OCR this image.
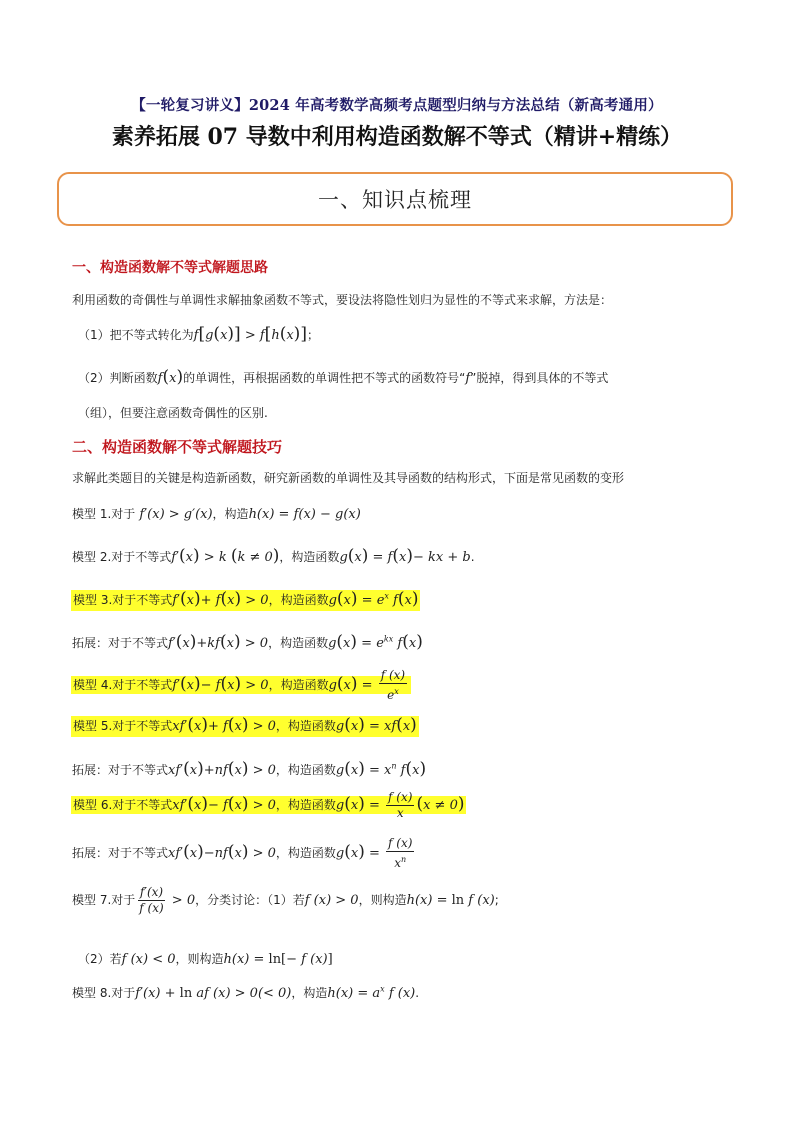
【一轮复习讲义】2024 年高考数学高频考点题型归纳与方法总结（新高考通用）
素养拓展 07 导数中利用构造函数解不等式（精讲+精练）
一、知识点梳理
一、构造函数解不等式解题思路
利用函数的奇偶性与单调性求解抽象函数不等式，要设法将隐性划归为显性的不等式来求解，方法是：
（1）把不等式转化为f[g(x)] > f[h(x)]；
（2）判断函数f(x)的单调性，再根据函数的单调性把不等式的函数符号“f”脱掉，得到具体的不等式
（组），但要注意函数奇偶性的区别.
二、构造函数解不等式解题技巧
求解此类题目的关键是构造新函数，研究新函数的单调性及其导函数的结构形式，下面是常见函数的变形
模型 1.对于 f′(x) > g′(x)，构造h(x) = f(x) − g(x)
模型 2.对于不等式f′(x) > k (k ≠ 0)，构造函数g(x) = f(x)− kx + b.
模型 3.对于不等式f′(x)+ f(x) > 0，构造函数$g(x) = e^x$ f(x)
拓展：对于不等式f′(x)+kf(x) > 0，构造函数$g(x) = e^{kx}$ f(x)
模型 4.对于不等式f′(x)− f(x) > 0，构造函数$g(x) = \frac{f (x)}{e^x}$
模型 5.对于不等式xf′(x)+ f(x) > 0，构造函数g(x) = xf(x)
拓展：对于不等式xf′(x)+nf(x) > 0，构造函数$g(x) = x^n$ f(x)
模型 6.对于不等式xf′(x)− f(x) > 0，构造函数$g(x) = \frac{f (x)}{x} (x \ne 0)$
拓展：对于不等式xf′(x)−nf(x) > 0，构造函数$g(x) = \frac{f (x)}{x^n}$
模型 7.对于 $\frac{f'(x)}{f (x)} > 0$，分类讨论：（1）若f (x) > 0，则构造h(x) = ln f (x);
（2）若f (x) < 0，则构造h(x) = ln[− f (x)]
模型 8.对于f′(x) + ln af (x) > 0(< 0)，构造$h(x) = a^x$ f (x).
